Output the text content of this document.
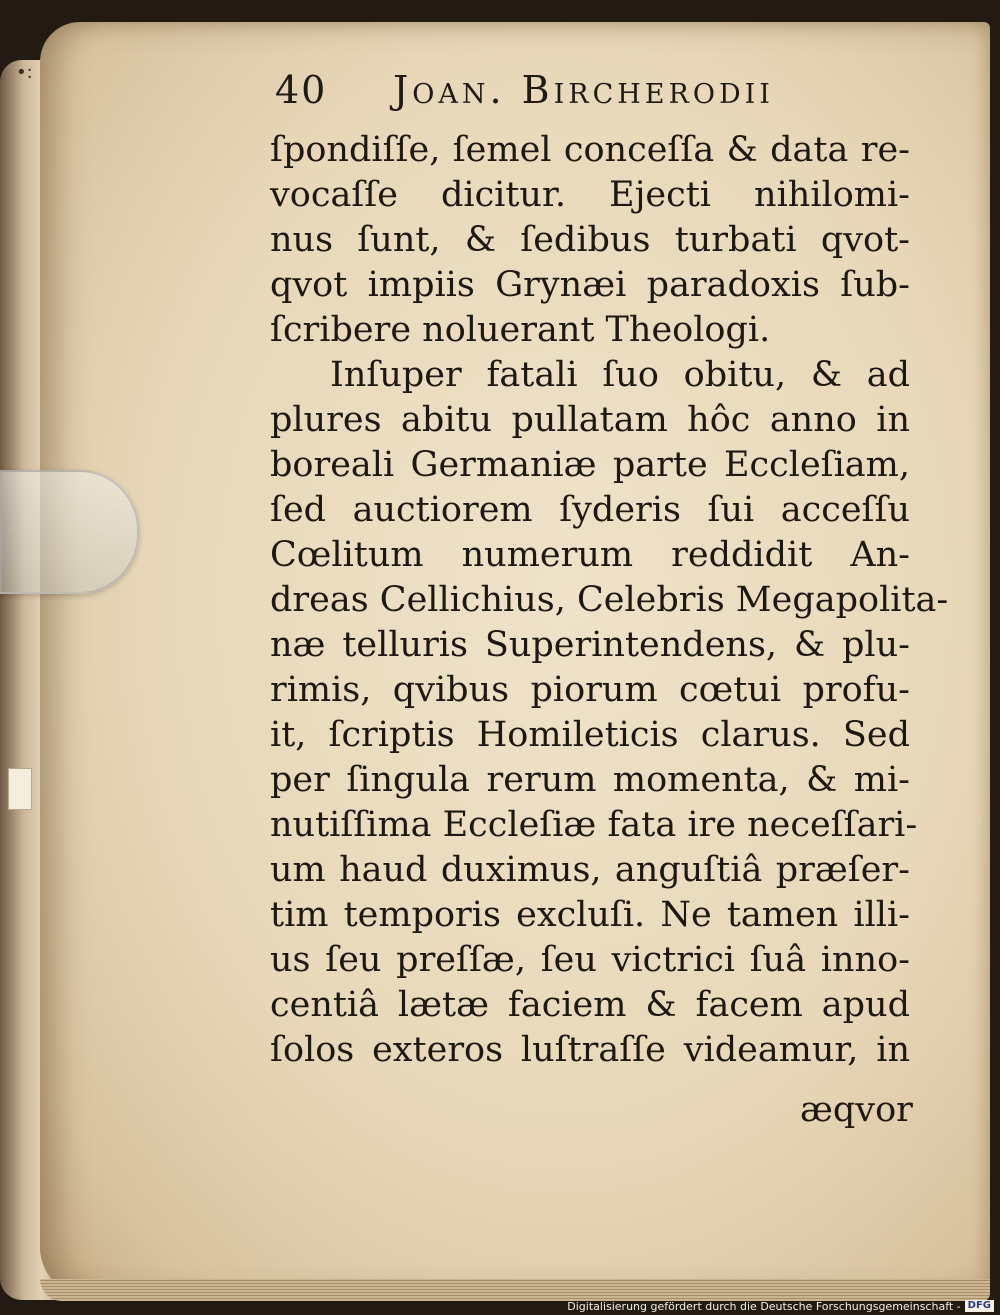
•:	40 Joan. Bircherodii
ſpondiſſe, ſemel conceſſa & data re-
vocaſſe dicitur. Ejecti nihilomi-
nus ſunt, & ſedibus turbati qvot-
qvot impiis Grynæi paradoxis ſub-
ſcribere noluerant Theologi.
Inſuper fatali ſuo obitu, & ad
plures abitu pullatam hôc anno in
boreali Germaniæ parte Eccleſiam,
ſed auctiorem ſyderis ſui acceſſu
Cœlitum numerum reddidit An-
dreas Cellichius, Celebris Megapolita-
næ telluris Superintendens, & plu-
rimis, qvibus piorum cœtui profu-
it, ſcriptis Homileticis clarus. Sed
per ſingula rerum momenta, & mi-
nutiſſima Eccleſiæ fata ire neceſſari-
um haud duximus, anguſtiâ præſer-
tim temporis excluſi. Ne tamen illi-
us ſeu preſſæ, ſeu victrici ſuâ inno-
centiâ lætæ faciem & facem apud
ſolos exteros luſtraſſe videamur, in
æqvor
Digitalisierung gefördert durch die Deutsche Forschungsgemeinschaft - DFG
